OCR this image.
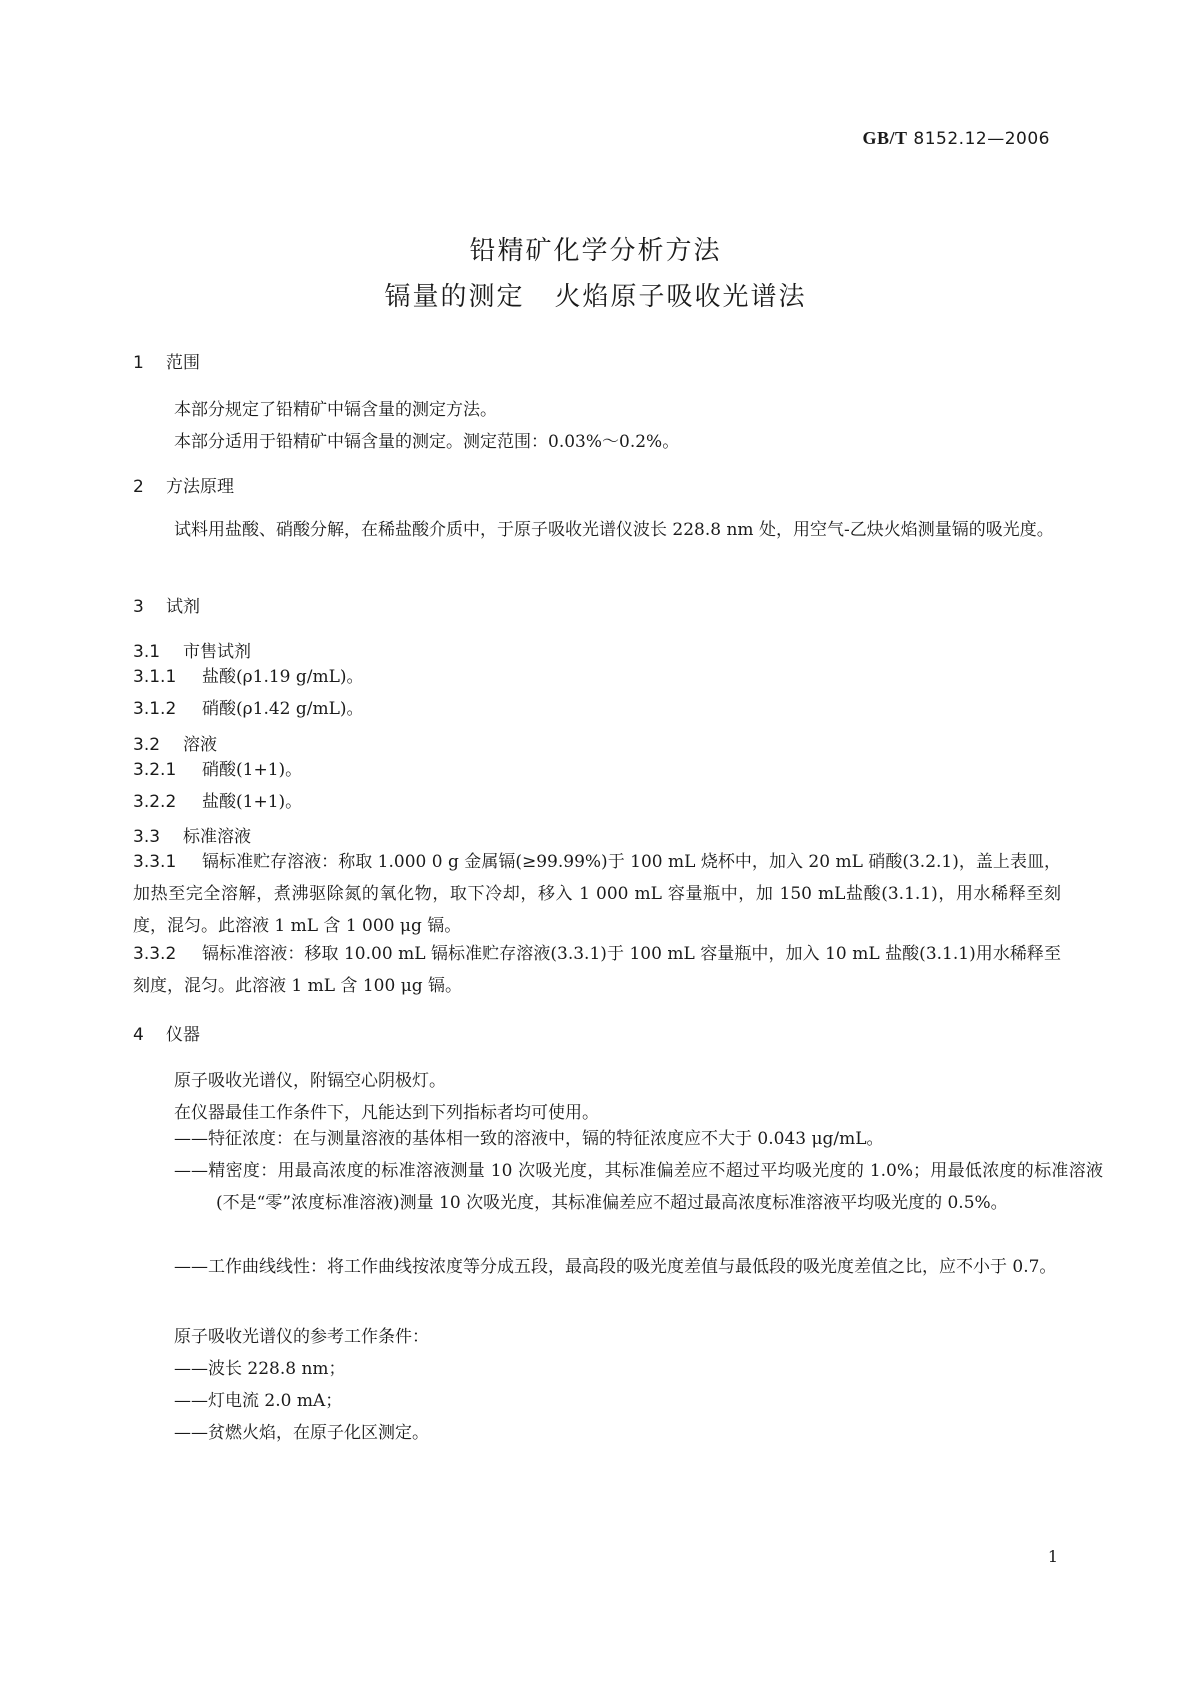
GB/T 8152.12—2006
铅精矿化学分析方法
镉量的测定 火焰原子吸收光谱法
1 范围

本部分规定了铅精矿中镉含量的测定方法。

本部分适用于铅精矿中镉含量的测定。测定范围：0.03%～0.2%。

2 方法原理

试料用盐酸、硝酸分解，在稀盐酸介质中，于原子吸收光谱仪波长 228.8 nm 处，用空气-乙炔火焰测量镉的吸光度。

3 试剂
3.1 市售试剂

3.1.1 盐酸(ρ1.19 g/mL)。

3.1.2 硝酸(ρ1.42 g/mL)。

3.2 溶液

3.2.1 硝酸(1+1)。

3.2.2 盐酸(1+1)。

3.3 标准溶液

3.3.1 镉标准贮存溶液：称取 1.000 0 g 金属镉(≥99.99%)于 100 mL 烧杯中，加入 20 mL 硝酸(3.2.1)，盖上表皿，加热至完全溶解，煮沸驱除氮的氧化物，取下冷却，移入 1 000 mL 容量瓶中，加 150 mL盐酸(3.1.1)，用水稀释至刻度，混匀。此溶液 1 mL 含 1 000 μg 镉。

3.3.2 镉标准溶液：移取 10.00 mL 镉标准贮存溶液(3.3.1)于 100 mL 容量瓶中，加入 10 mL 盐酸(3.1.1)用水稀释至刻度，混匀。此溶液 1 mL 含 100 μg 镉。

4 仪器

原子吸收光谱仪，附镉空心阴极灯。

在仪器最佳工作条件下，凡能达到下列指标者均可使用。

——特征浓度：在与测量溶液的基体相一致的溶液中，镉的特征浓度应不大于 0.043 μg/mL。

——精密度：用最高浓度的标准溶液测量 10 次吸光度，其标准偏差应不超过平均吸光度的 1.0%；用最低浓度的标准溶液(不是“零”浓度标准溶液)测量 10 次吸光度，其标准偏差应不超过最高浓度标准溶液平均吸光度的 0.5%。

——工作曲线线性：将工作曲线按浓度等分成五段，最高段的吸光度差值与最低段的吸光度差值之比，应不小于 0.7。

原子吸收光谱仪的参考工作条件：

——波长 228.8 nm；

——灯电流 2.0 mA；

——贫燃火焰，在原子化区测定。

1
